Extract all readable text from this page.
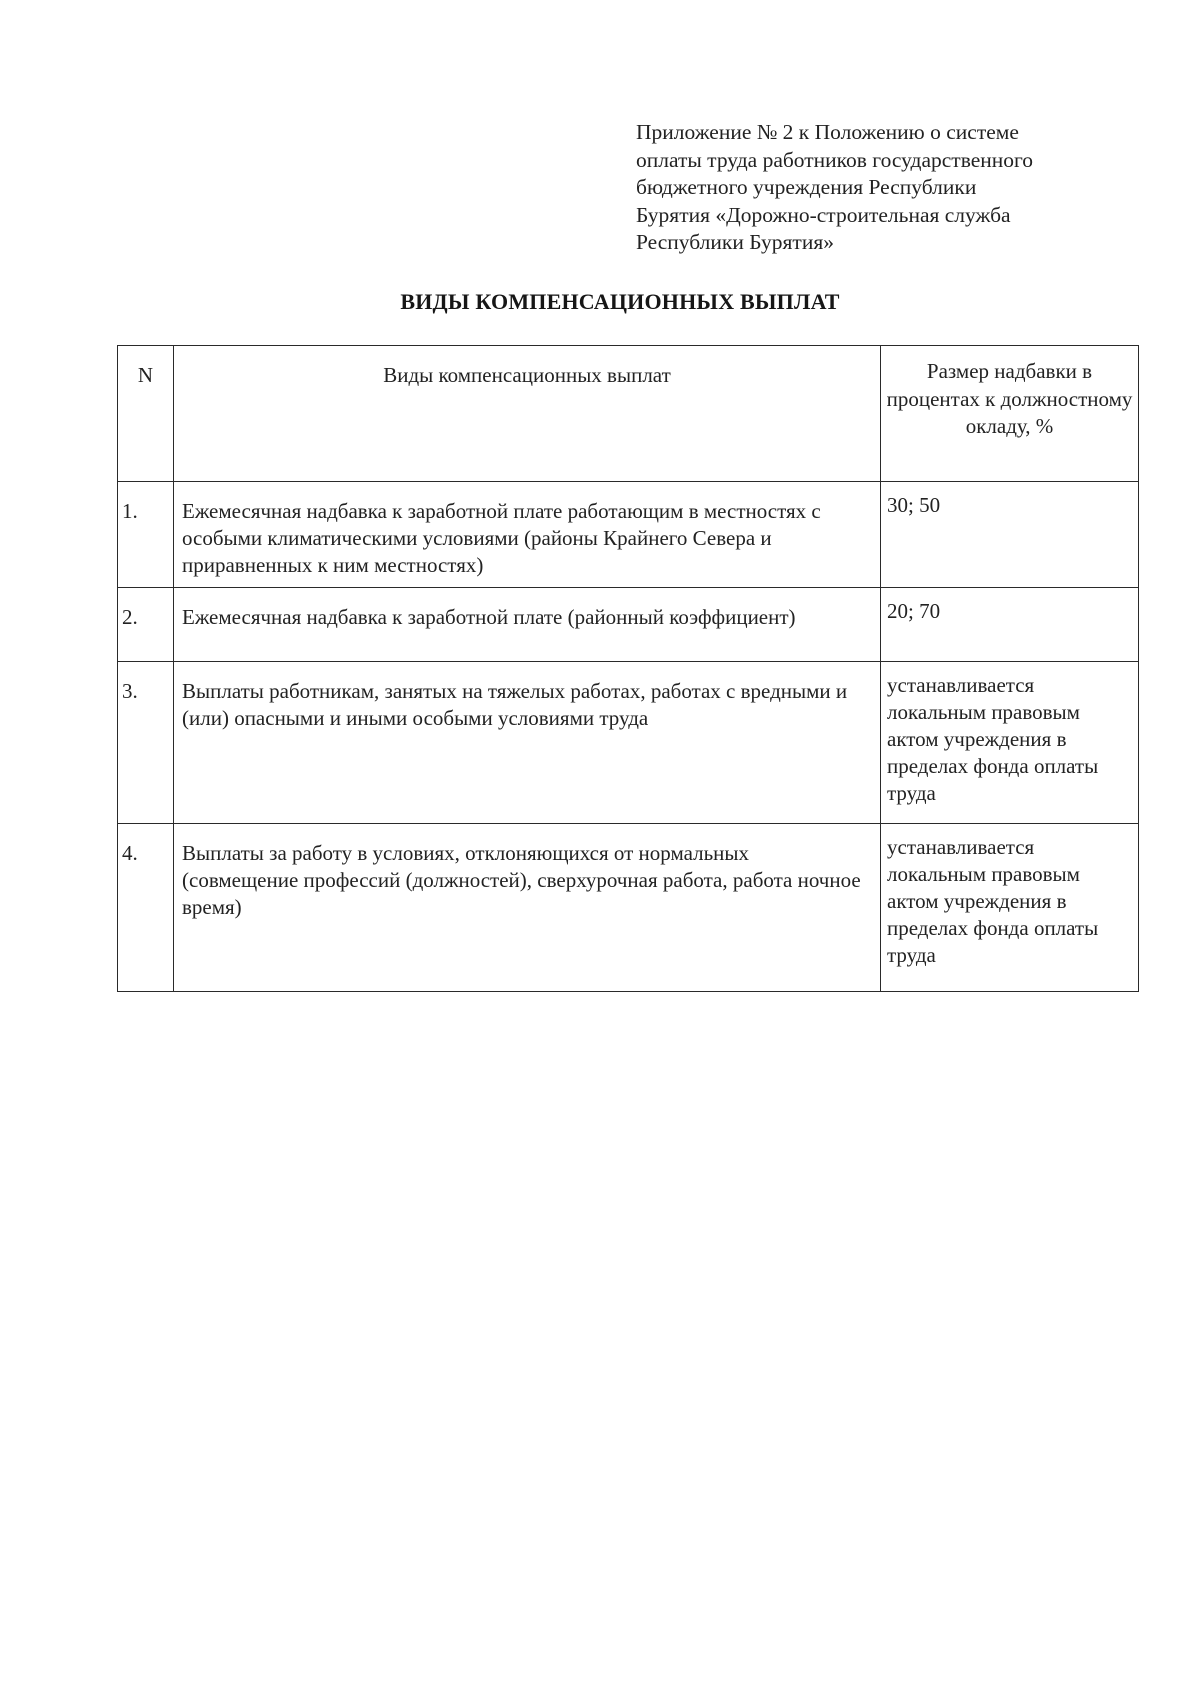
Приложение № 2 к Положению о системе
оплаты труда работников государственного
бюджетного учреждения Республики
Бурятия «Дорожно-строительная служба
Республики Бурятия»
ВИДЫ КОМПЕНСАЦИОННЫХ ВЫПЛАТ
N	Виды компенсационных выплат	Размер надбавки в процентах к должностному окладу, %
1.	Ежемесячная надбавка к заработной плате работающим в местностях с особыми климатическими условиями (районы Крайнего Севера и приравненных к ним местностях)	30; 50
2.	Ежемесячная надбавка к заработной плате (районный коэффициент)	20; 70
3.	Выплаты работникам, занятых на тяжелых работах, работах с вредными и (или) опасными и иными особыми условиями труда	устанавливается локальным правовым актом учреждения в пределах фонда оплаты труда
4.	Выплаты за работу в условиях, отклоняющихся от нормальных (совмещение профессий (должностей), сверхурочная работа, работа ночное время)	устанавливается локальным правовым актом учреждения в пределах фонда оплаты труда
